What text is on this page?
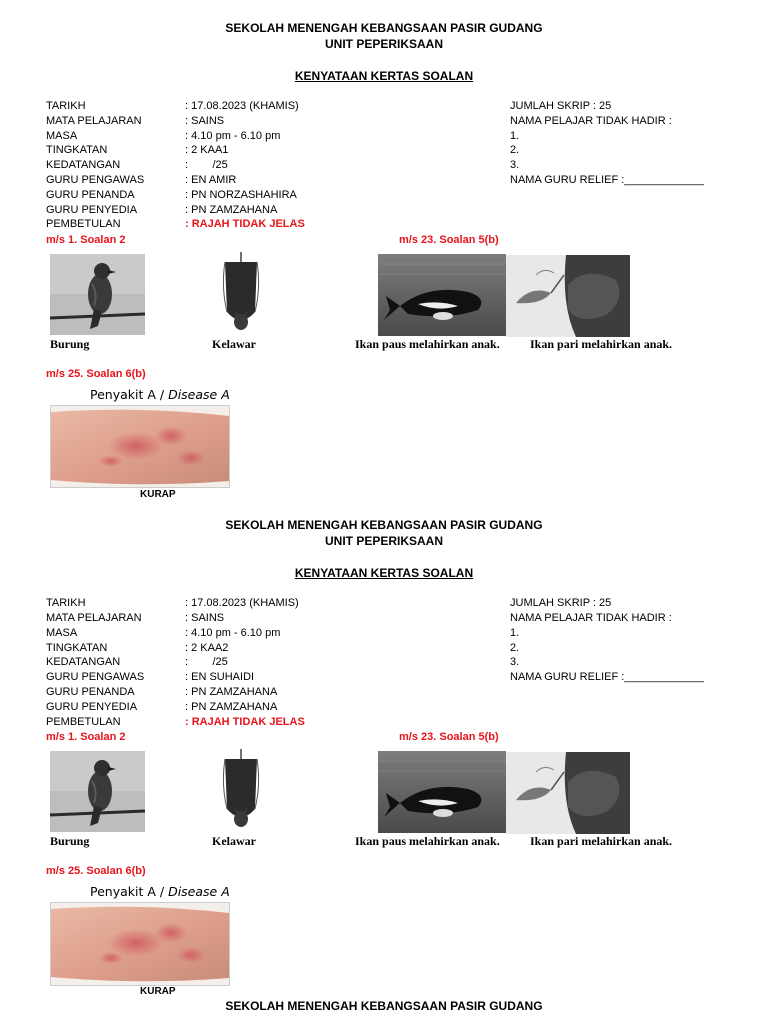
SEKOLAH MENENGAH KEBANGSAAN PASIR GUDANG
UNIT PEPERIKSAAN
KENYATAAN KERTAS SOALAN
TARIKH	: 17.08.2023 (KHAMIS)
MATA PELAJARAN	: SAINS
MASA	: 4.10 pm - 6.10 pm
TINGKATAN	: 2 KAA1
KEDATANGAN	:        /25
GURU PENGAWAS	: EN AMIR
GURU PENANDA	: PN NORZASHAHIRA
GURU PENYEDIA	: PN ZAMZAHANA
PEMBETULAN	: RAJAH TIDAK JELAS
JUMLAH SKRIP : 25
NAMA PELAJAR TIDAK HADIR :
1.
2.
3.
NAMA GURU RELIEF :_____________
m/s 1. Soalan 2	m/s 23. Soalan 5(b)
Burung	Kelawar	Ikan paus melahirkan anak.	Ikan pari melahirkan anak.
m/s 25. Soalan 6(b)
Penyakit A / Disease A
KURAP
SEKOLAH MENENGAH KEBANGSAAN PASIR GUDANG
UNIT PEPERIKSAAN
KENYATAAN KERTAS SOALAN
TARIKH	: 17.08.2023 (KHAMIS)
MATA PELAJARAN	: SAINS
MASA	: 4.10 pm - 6.10 pm
TINGKATAN	: 2 KAA2
KEDATANGAN	:        /25
GURU PENGAWAS	: EN SUHAIDI
GURU PENANDA	: PN ZAMZAHANA
GURU PENYEDIA	: PN ZAMZAHANA
PEMBETULAN	: RAJAH TIDAK JELAS
JUMLAH SKRIP : 25
NAMA PELAJAR TIDAK HADIR :
1.
2.
3.
NAMA GURU RELIEF :_____________
m/s 1. Soalan 2	m/s 23. Soalan 5(b)
Burung	Kelawar	Ikan paus melahirkan anak.	Ikan pari melahirkan anak.
m/s 25. Soalan 6(b)
Penyakit A / Disease A
KURAP
SEKOLAH MENENGAH KEBANGSAAN PASIR GUDANG
